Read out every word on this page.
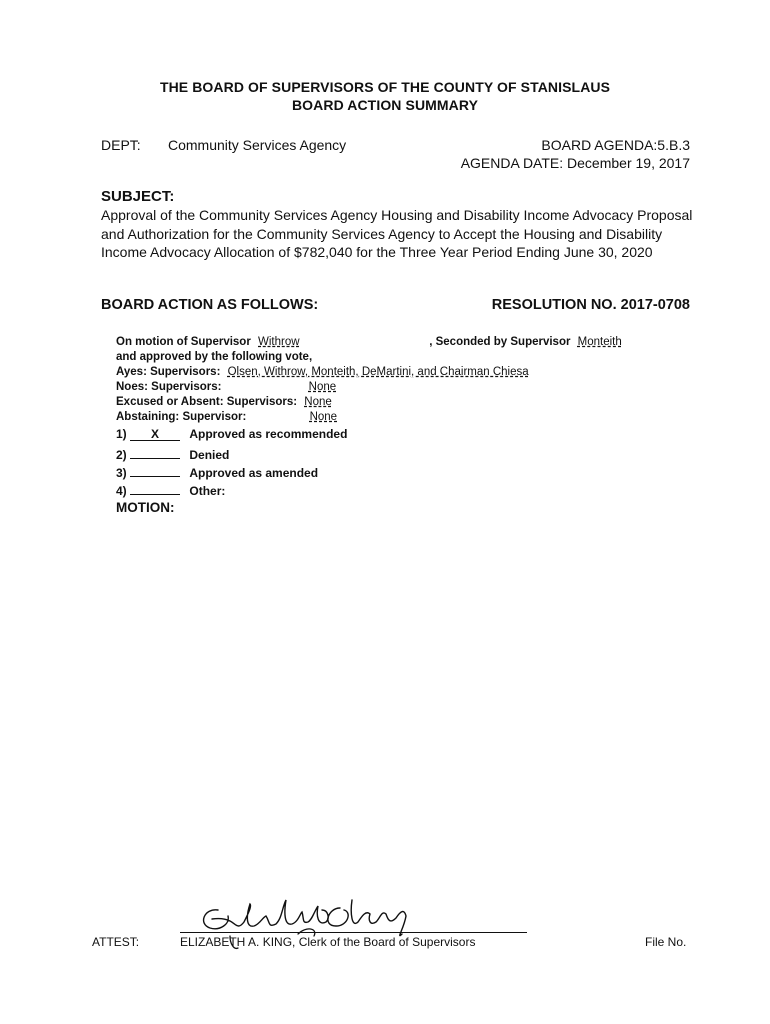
THE BOARD OF SUPERVISORS OF THE COUNTY OF STANISLAUS
BOARD ACTION SUMMARY
DEPT: Community Services Agency	BOARD AGENDA:5.B.3
AGENDA DATE: December 19, 2017
SUBJECT:
Approval of the Community Services Agency Housing and Disability Income Advocacy Proposal and Authorization for the Community Services Agency to Accept the Housing and Disability Income Advocacy Allocation of $782,040 for the Three Year Period Ending June 30, 2020
BOARD ACTION AS FOLLOWS:	RESOLUTION NO. 2017-0708
On motion of Supervisor Withrow	, Seconded by Supervisor Monteith
and approved by the following vote,
Ayes: Supervisors: Olsen, Withrow, Monteith, DeMartini, and Chairman Chiesa
Noes: Supervisors:	None
Excused or Absent: Supervisors: None
Abstaining: Supervisor:	None
1) X	Approved as recommended
2)	Denied
3)	Approved as amended
4)	Other:
MOTION:
ATTEST:	ELIZABETH A. KING, Clerk of the Board of Supervisors	File No.
